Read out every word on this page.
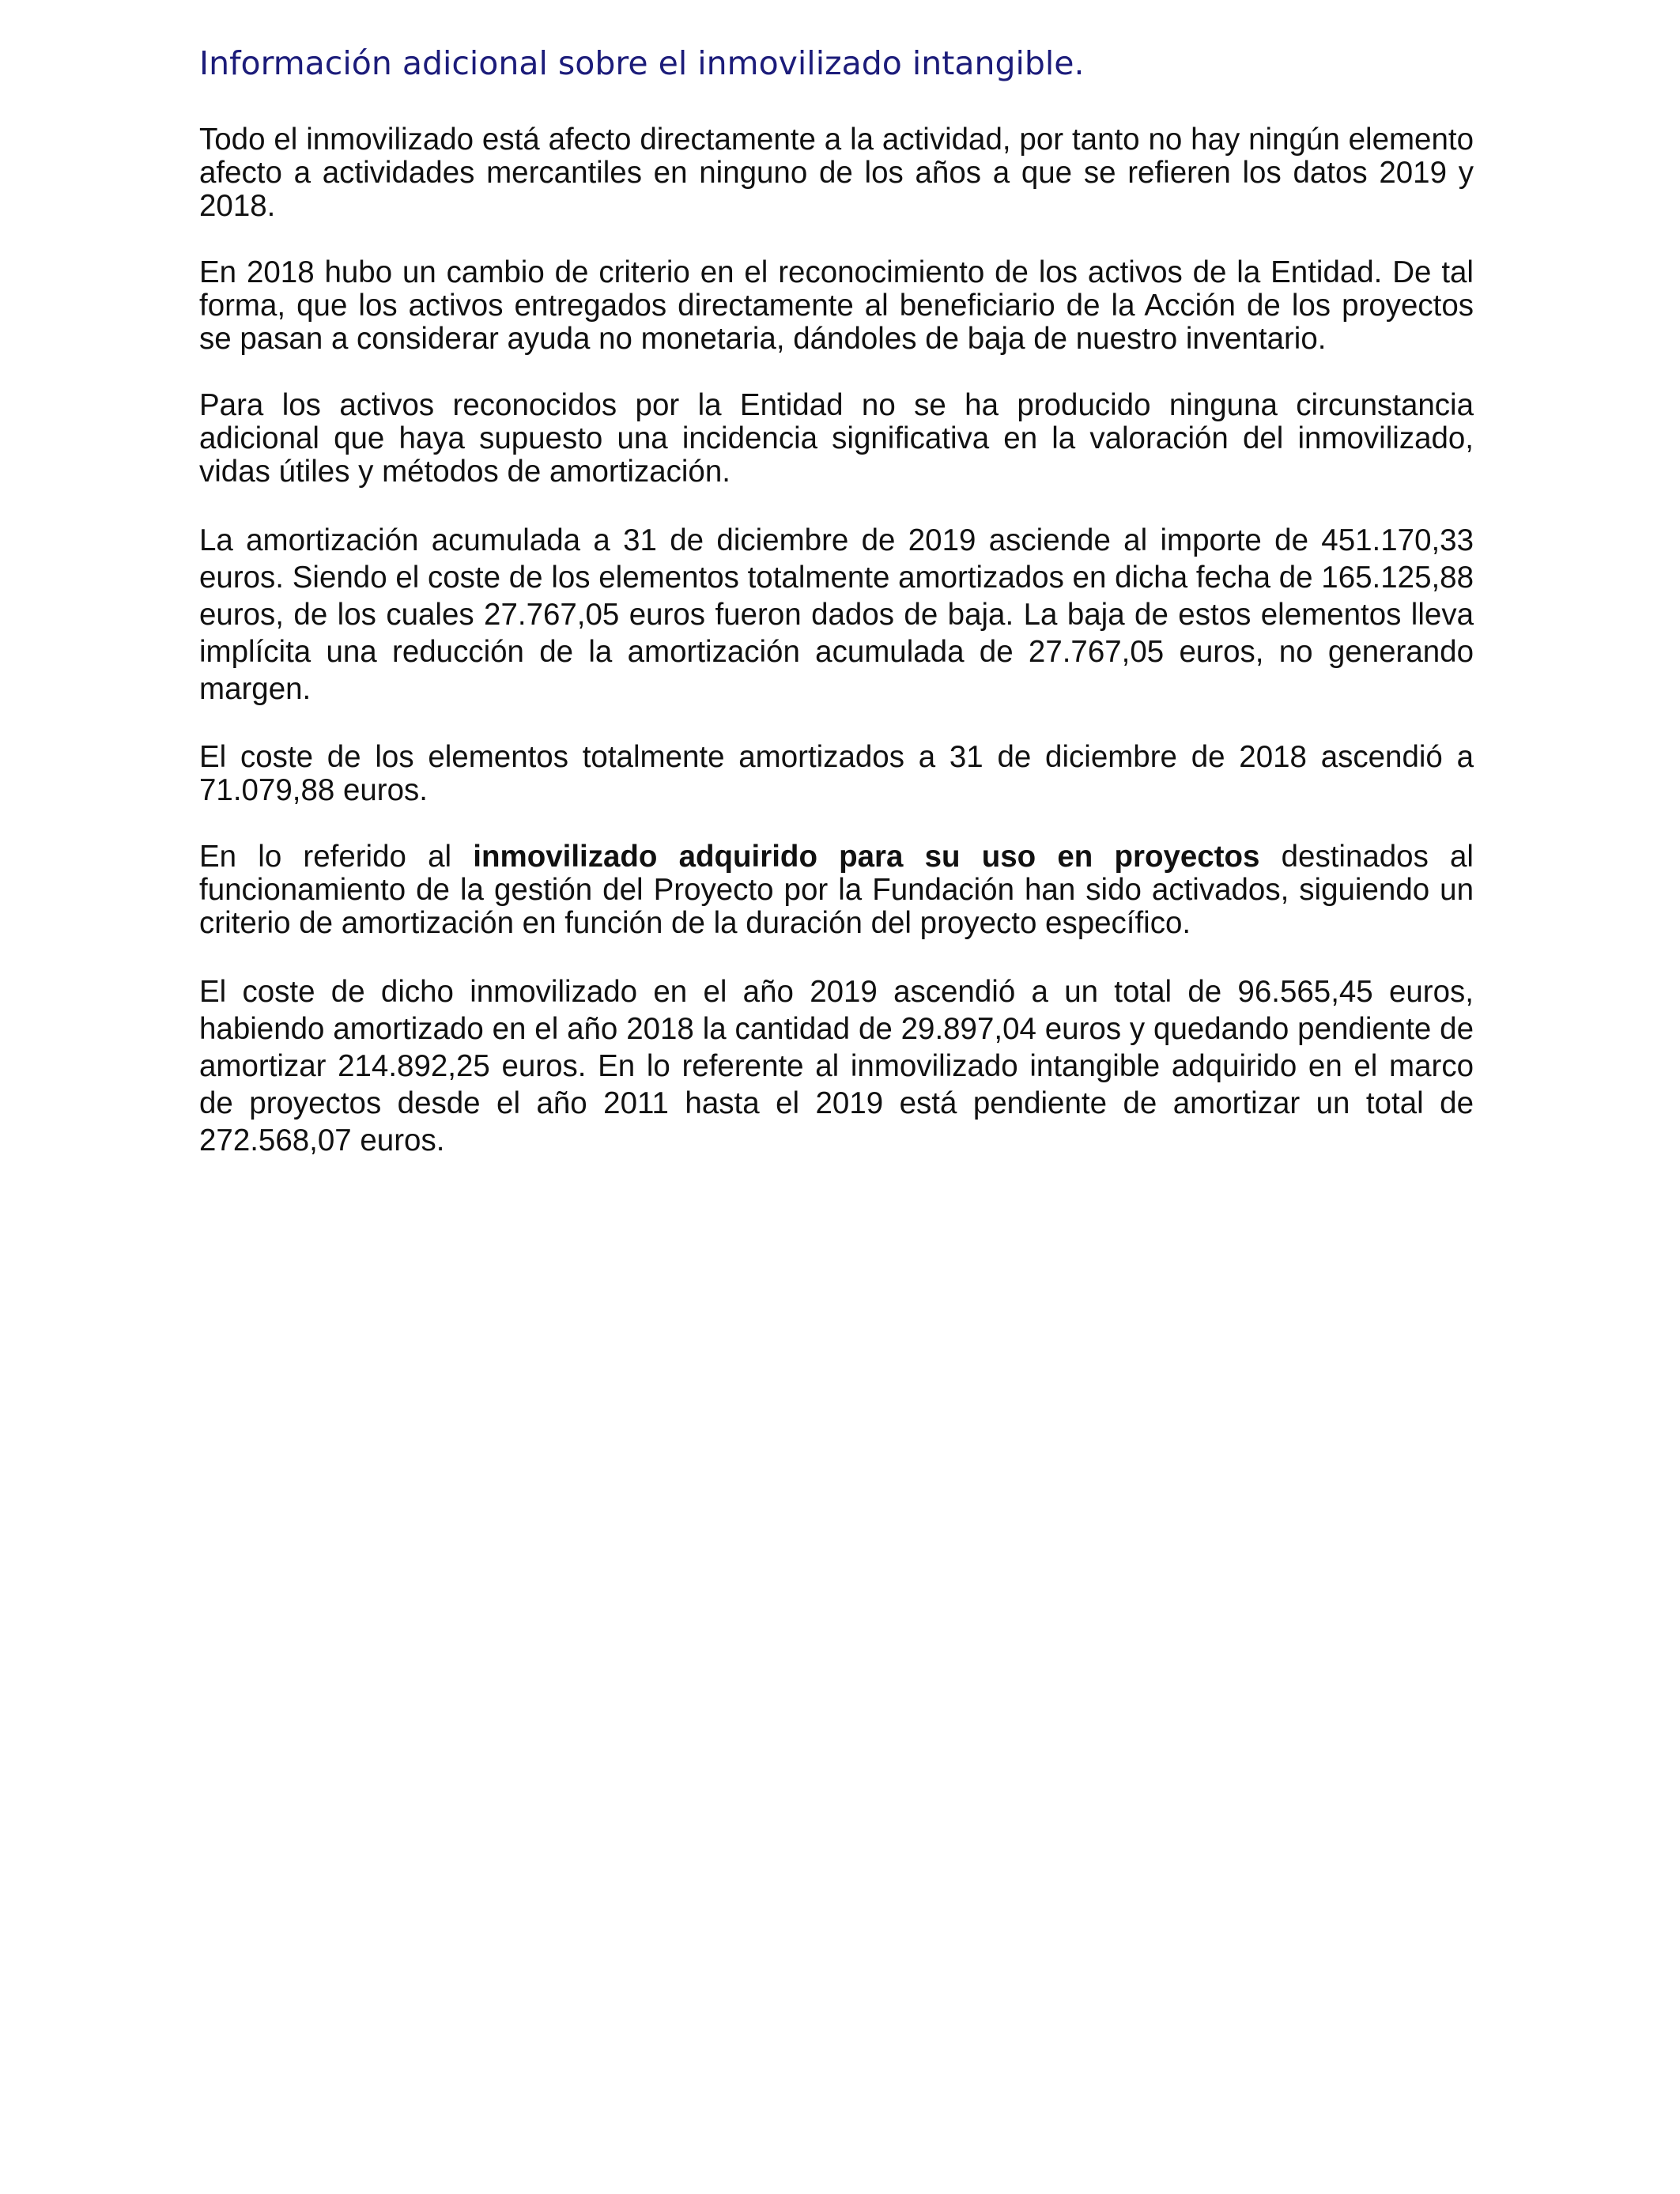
Información adicional sobre el inmovilizado intangible.

Todo el inmovilizado está afecto directamente a la actividad, por tanto no hay ningún elemento afecto a actividades mercantiles en ninguno de los años a que se refieren los datos 2019 y 2018.

En 2018 hubo un cambio de criterio en el reconocimiento de los activos de la Entidad. De tal forma, que los activos entregados directamente al beneficiario de la Acción de los proyectos se pasan a considerar ayuda no monetaria, dándoles de baja de nuestro inventario.

Para los activos reconocidos por la Entidad no se ha producido ninguna circunstancia adicional que haya supuesto una incidencia significativa en la valoración del inmovilizado, vidas útiles y métodos de amortización.

La amortización acumulada a 31 de diciembre de 2019 asciende al importe de 451.170,33 euros. Siendo el coste de los elementos totalmente amortizados en dicha fecha de 165.125,88 euros, de los cuales 27.767,05 euros fueron dados de baja. La baja de estos elementos lleva implícita una reducción de la amortización acumulada de 27.767,05 euros, no generando margen.

El coste de los elementos totalmente amortizados a 31 de diciembre de 2018 ascendió a 71.079,88 euros.

En lo referido al inmovilizado adquirido para su uso en proyectos destinados al funcionamiento de la gestión del Proyecto por la Fundación han sido activados, siguiendo un criterio de amortización en función de la duración del proyecto específico.

El coste de dicho inmovilizado en el año 2019 ascendió a un total de 96.565,45 euros, habiendo amortizado en el año 2018 la cantidad de 29.897,04 euros y quedando pendiente de amortizar 214.892,25 euros. En lo referente al inmovilizado intangible adquirido en el marco de proyectos desde el año 2011 hasta el 2019 está pendiente de amortizar un total de 272.568,07 euros.
